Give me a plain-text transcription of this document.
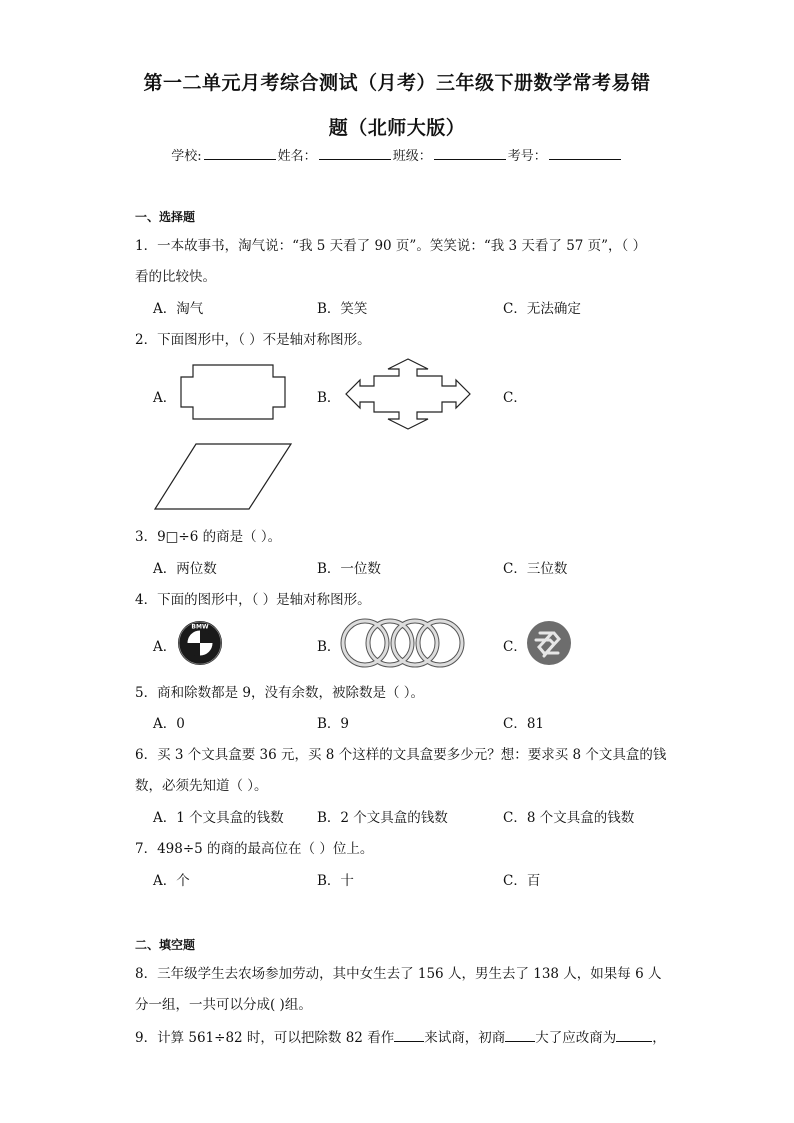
第一二单元月考综合测试（月考）三年级下册数学常考易错
题（北师大版）
学校:	姓名：	班级：	考号：
一、选择题
1．一本故事书，淘气说：“我 5 天看了 90 页”。笑笑说：“我 3 天看了 57 页”，（ ）
看的比较快。
A．淘气	B．笑笑	C．无法确定
2．下面图形中，（ ）不是轴对称图形。
A．	B．	C．
3．9□÷6 的商是（ ）。
A．两位数	B．一位数	C．三位数
4．下面的图形中，（ ）是轴对称图形。
A．
BMW
B．	C．
5．商和除数都是 9，没有余数，被除数是（ ）。
A．0	B．9	C．81
6．买 3 个文具盒要 36 元，买 8 个这样的文具盒要多少元？想：要求买 8 个文具盒的钱
数，必须先知道（ ）。
A．1 个文具盒的钱数 B．2 个文具盒的钱数	C．8 个文具盒的钱数
7．498÷5 的商的最高位在（ ）位上。
A．个	B．十	C．百
二、填空题
8．三年级学生去农场参加劳动，其中女生去了 156 人，男生去了 138 人，如果每 6 人
分一组，一共可以分成( )组。
9．计算 561÷82 时，可以把除数 82 看作 来试商，初商 大了应改商为	，
